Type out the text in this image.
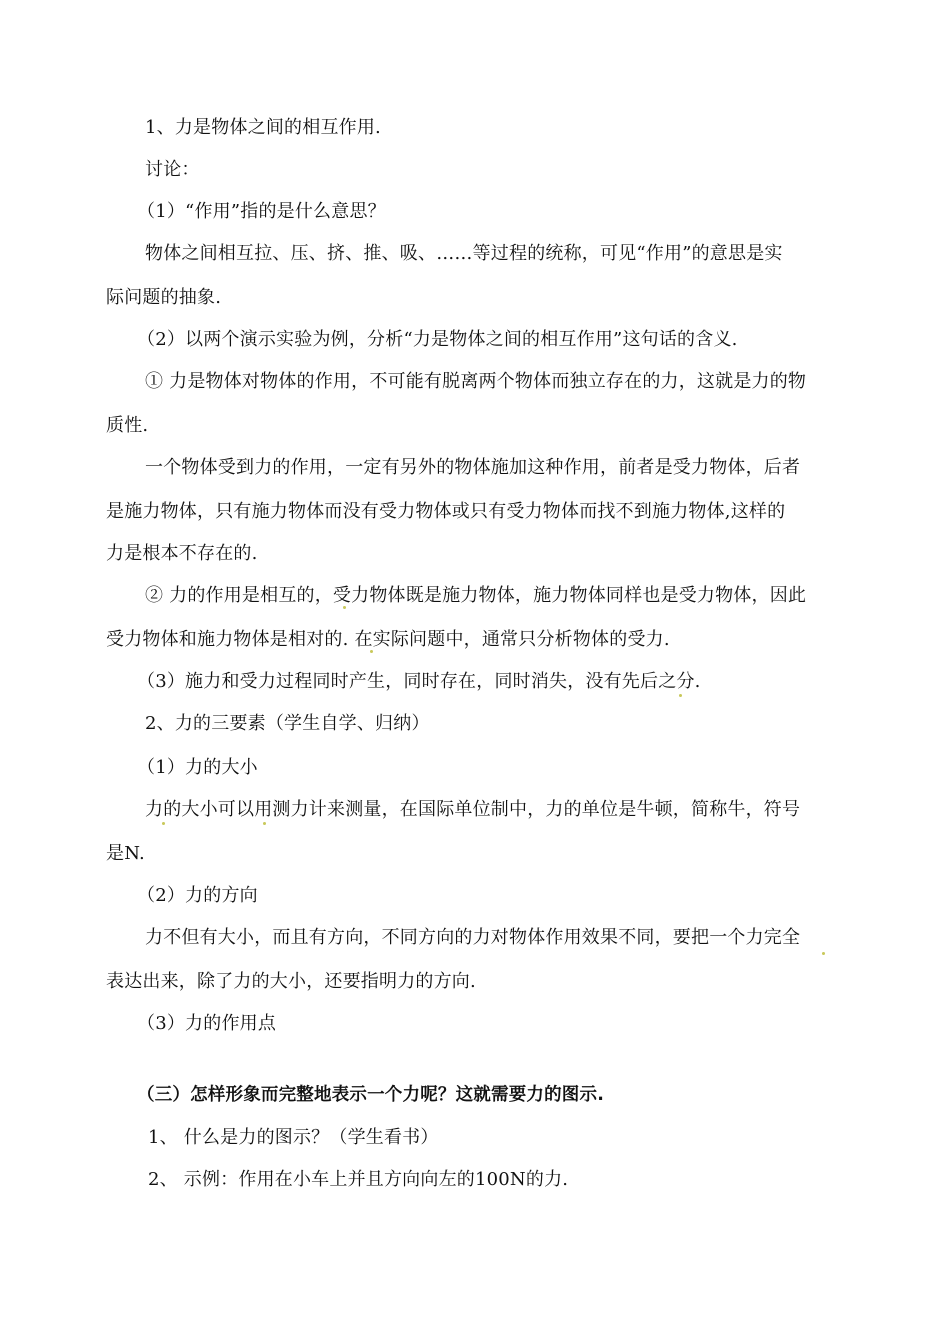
1、力是物体之间的相互作用.
讨论：
（1）“作用”指的是什么意思？
物体之间相互拉、压、挤、推、吸、……等过程的统称，可见“作用”的意思是实
际问题的抽象.
（2）以两个演示实验为例，分析“力是物体之间的相互作用”这句话的含义.
① 力是物体对物体的作用，不可能有脱离两个物体而独立存在的力，这就是力的物
质性.
一个物体受到力的作用，一定有另外的物体施加这种作用，前者是受力物体，后者
是施力物体，只有施力物体而没有受力物体或只有受力物体而找不到施力物体,这样的
力是根本不存在的.
② 力的作用是相互的，受力物体既是施力物体，施力物体同样也是受力物体，因此
受力物体和施力物体是相对的. 在实际问题中，通常只分析物体的受力.
（3）施力和受力过程同时产生，同时存在，同时消失，没有先后之分.
2、力的三要素（学生自学、归纳）
（1）力的大小
力的大小可以用测力计来测量，在国际单位制中，力的单位是牛顿，简称牛，符号
是N.
（2）力的方向
力不但有大小，而且有方向，不同方向的力对物体作用效果不同，要把一个力完全
表达出来，除了力的大小，还要指明力的方向.
（3）力的作用点
（三）怎样形象而完整地表示一个力呢？这就需要力的图示.
1、 什么是力的图示？（学生看书）
2、 示例：作用在小车上并且方向向左的100N的力.
